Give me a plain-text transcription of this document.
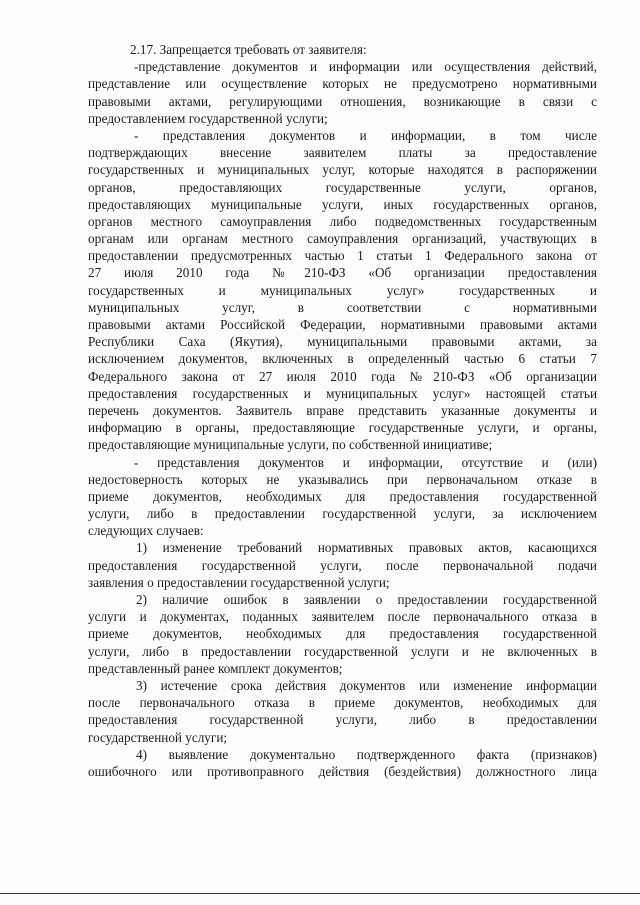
2.17. Запрещается требовать от заявителя:
-представление документов и информации или осуществления действий,
представление или осуществление которых не предусмотрено нормативными
правовыми актами, регулирующими отношения, возникающие в связи с
предоставлением государственной услуги;
- представления документов и информации, в том числе
подтверждающих внесение заявителем платы за предоставление
государственных и муниципальных услуг, которые находятся в распоряжении
органов, предоставляющих государственные услуги, органов,
предоставляющих муниципальные услуги, иных государственных органов,
органов местного самоуправления либо подведомственных государственным
органам или органам местного самоуправления организаций, участвующих в
предоставлении предусмотренных частью 1 статьи 1 Федерального закона от
27 июля 2010 года №210-ФЗ «Об организации предоставления
государственных и муниципальных услуг» государственных и
муниципальных услуг, в соответствии с нормативными
правовыми актами Российской Федерации, нормативными правовыми актами
Республики Саха (Якутия), муниципальными правовыми актами, за
исключением документов, включенных в определенный частью 6 статьи 7
Федерального закона от 27 июля 2010 года №210-ФЗ «Об организации
предоставления государственных и муниципальных услуг» настоящей статьи
перечень документов. Заявитель вправе представить указанные документы и
информацию в органы, предоставляющие государственные услуги, и органы,
предоставляющие муниципальные услуги, по собственной инициативе;
- представления документов и информации, отсутствие и (или)
недостоверность которых не указывались при первоначальном отказе в
приеме документов, необходимых для предоставления государственной
услуги, либо в предоставлении государственной услуги, за исключением
следующих случаев:
1) изменение требований нормативных правовых актов, касающихся
предоставления государственной услуги, после первоначальной подачи
заявления о предоставлении государственной услуги;
2) наличие ошибок в заявлении о предоставлении государственной
услуги и документах, поданных заявителем после первоначального отказа в
приеме документов, необходимых для предоставления государственной
услуги, либо в предоставлении государственной услуги и не включенных в
представленный ранее комплект документов;
3) истечение срока действия документов или изменение информации
после первоначального отказа в приеме документов, необходимых для
предоставления государственной услуги, либо в предоставлении
государственной услуги;
4) выявление документально подтвержденного факта (признаков)
ошибочного или противоправного действия (бездействия) должностного лица
